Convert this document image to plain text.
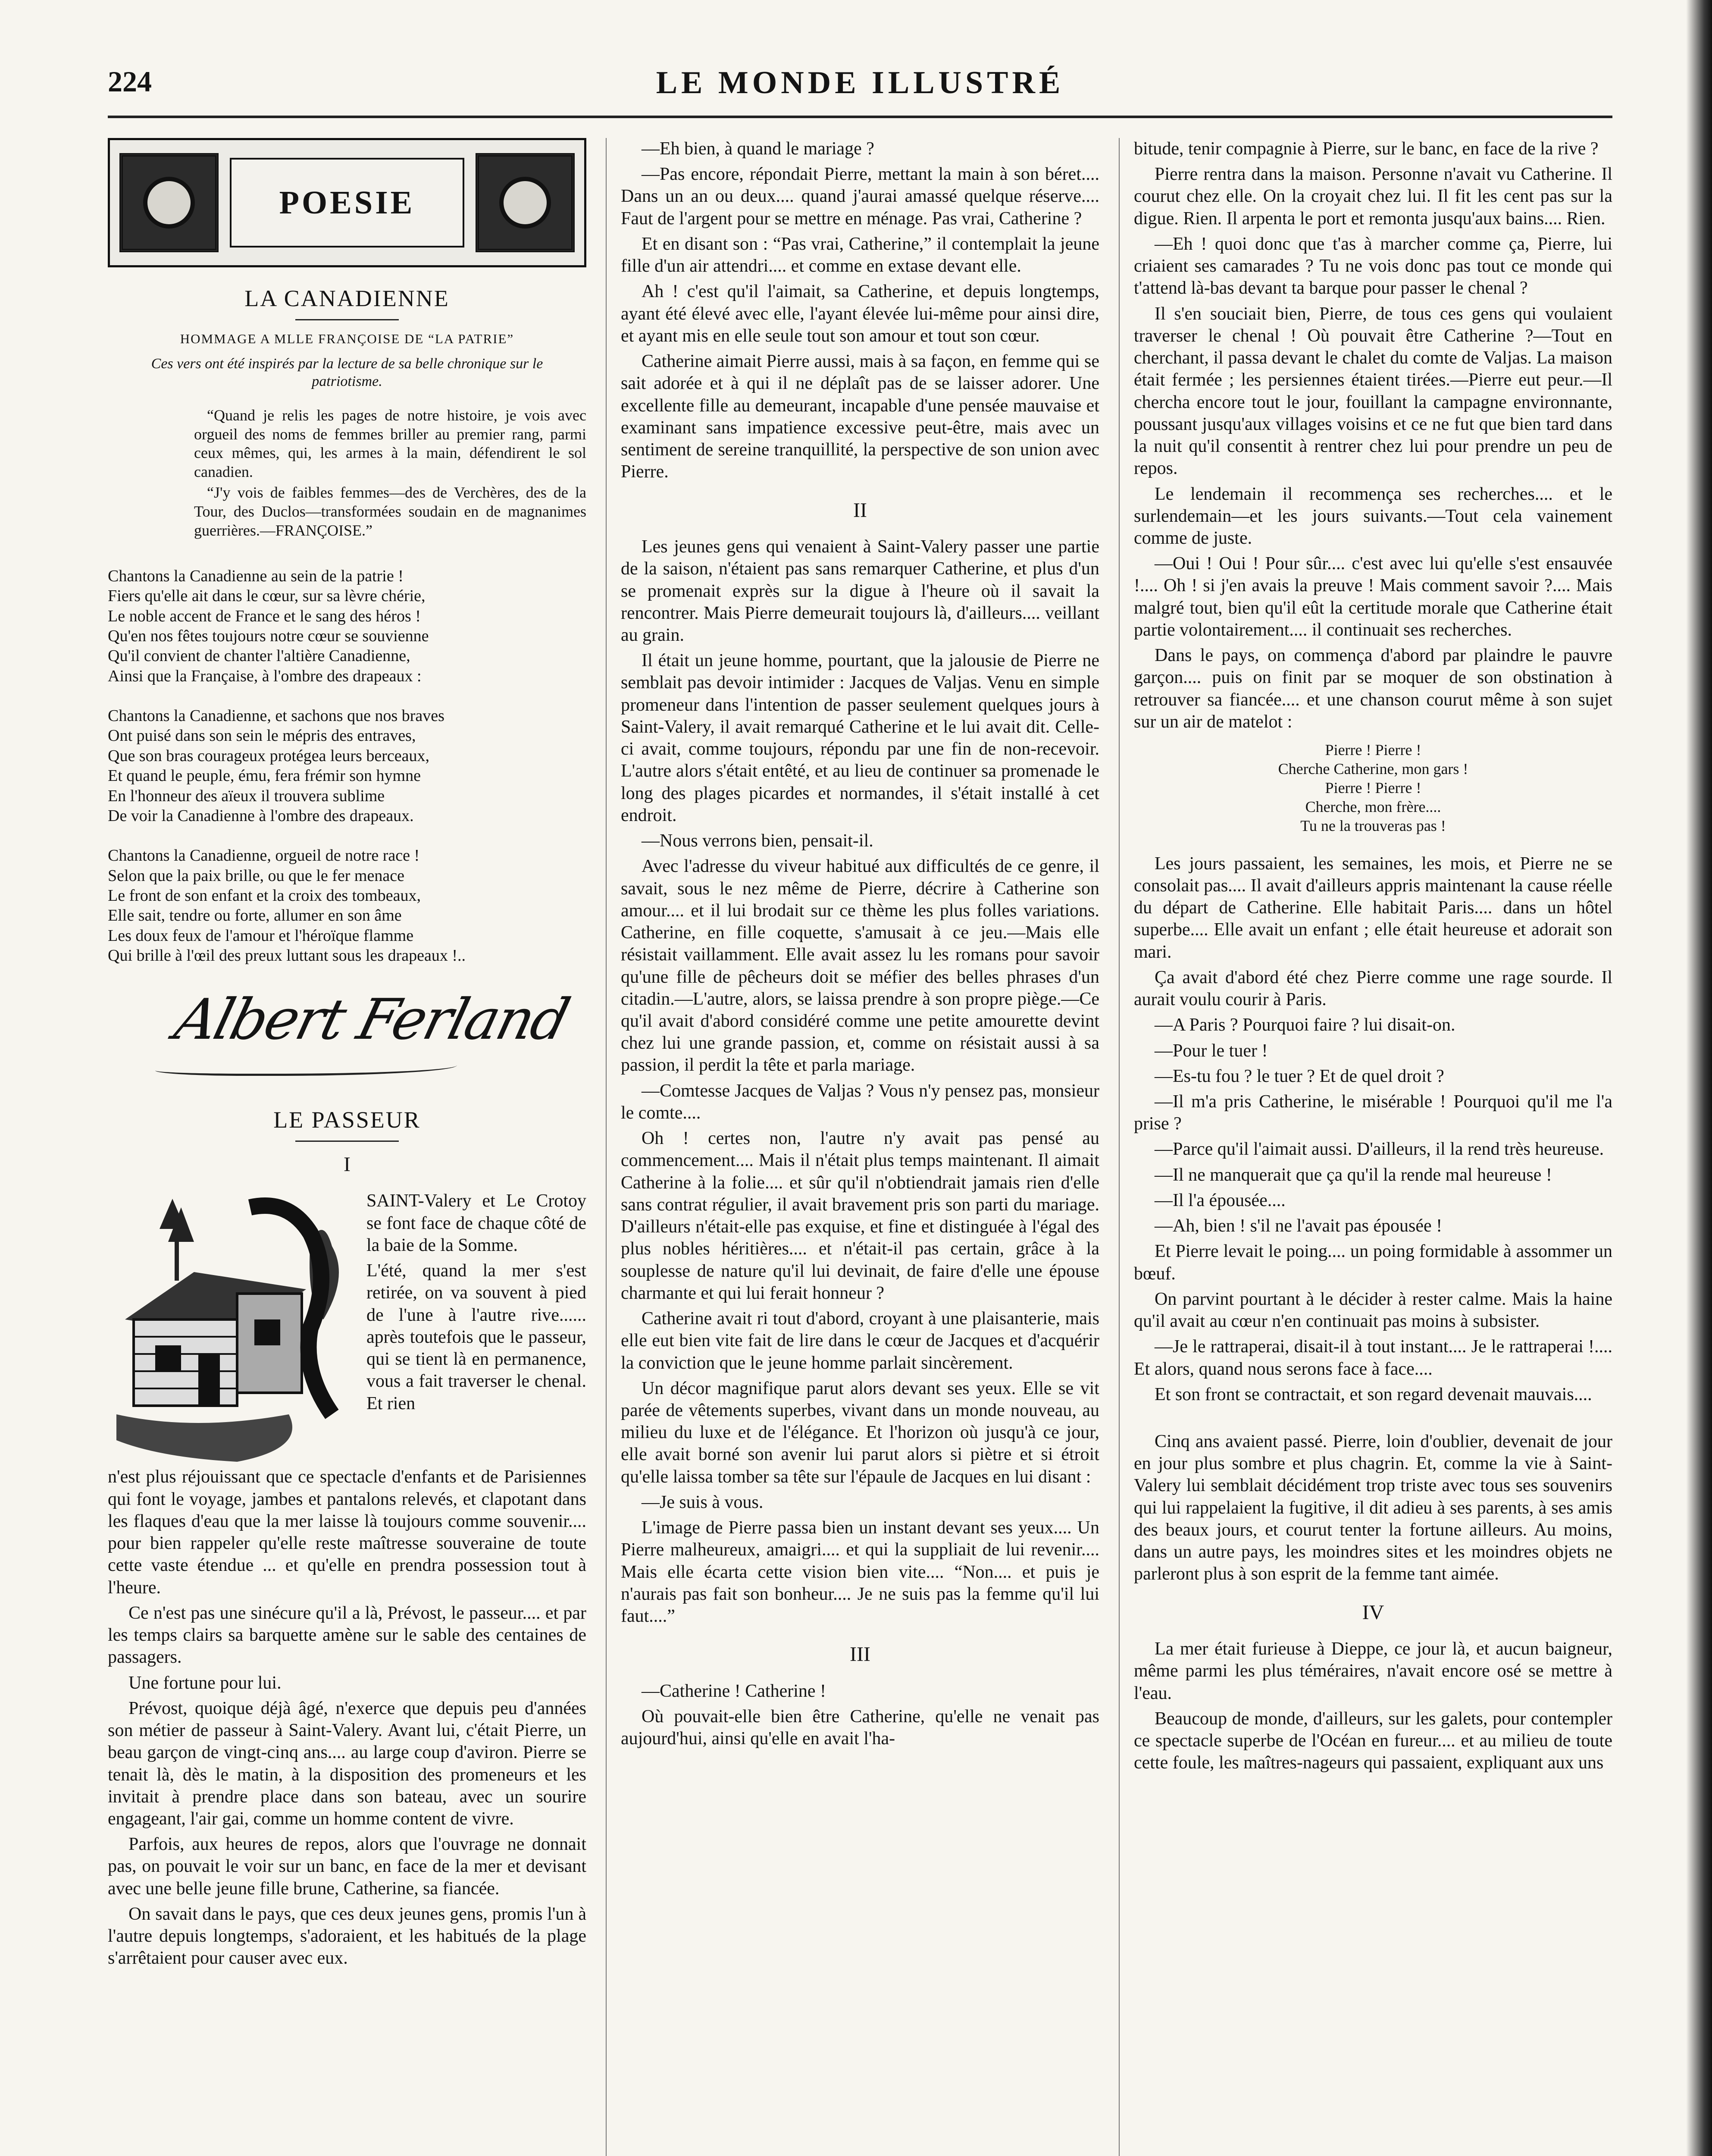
224	LE MONDE ILLUSTRÉ
POESIE
LA CANADIENNE
HOMMAGE A MLLE FRANÇOISE DE “LA PATRIE”
Ces vers ont été inspirés par la lecture de sa belle chronique sur le patriotisme.

“Quand je relis les pages de notre histoire, je vois avec orgueil des noms de femmes briller au premier rang, parmi ceux mêmes, qui, les armes à la main, défendirent le sol canadien.

“J'y vois de faibles femmes—des de Verchères, des de la Tour, des Duclos—transformées soudain en de magnanimes guerrières.—FRANÇOISE.”

Chantons la Canadienne au sein de la patrie !
Fiers qu'elle ait dans le cœur, sur sa lèvre chérie,
Le noble accent de France et le sang des héros !
Qu'en nos fêtes toujours notre cœur se souvienne
Qu'il convient de chanter l'altière Canadienne,
Ainsi que la Française, à l'ombre des drapeaux :
Chantons la Canadienne, et sachons que nos braves
Ont puisé dans son sein le mépris des entraves,
Que son bras courageux protégea leurs berceaux,
Et quand le peuple, ému, fera frémir son hymne
En l'honneur des aïeux il trouvera sublime
De voir la Canadienne à l'ombre des drapeaux.
Chantons la Canadienne, orgueil de notre race !
Selon que la paix brille, ou que le fer menace
Le front de son enfant et la croix des tombeaux,
Elle sait, tendre ou forte, allumer en son âme
Les doux feux de l'amour et l'héroïque flamme
Qui brille à l'œil des preux luttant sous les drapeaux !..
Albert Ferland
LE PASSEUR
I

SAINT-Valery et Le Crotoy se font face de chaque côté de la baie de la Somme.

L'été, quand la mer s'est retirée, on va souvent à pied de l'une à l'autre rive...... après toutefois que le passeur, qui se tient là en permanence, vous a fait traverser le chenal. Et rien

n'est plus réjouissant que ce spectacle d'enfants et de Parisiennes qui font le voyage, jambes et pantalons relevés, et clapotant dans les flaques d'eau que la mer laisse là toujours comme souvenir.... pour bien rappeler qu'elle reste maîtresse souveraine de toute cette vaste étendue ... et qu'elle en prendra possession tout à l'heure.

Ce n'est pas une sinécure qu'il a là, Prévost, le passeur.... et par les temps clairs sa barquette amène sur le sable des centaines de passagers.

Une fortune pour lui.

Prévost, quoique déjà âgé, n'exerce que depuis peu d'années son métier de passeur à Saint-Valery. Avant lui, c'était Pierre, un beau garçon de vingt-cinq ans.... au large coup d'aviron. Pierre se tenait là, dès le matin, à la disposition des promeneurs et les invitait à prendre place dans son bateau, avec un sourire engageant, l'air gai, comme un homme content de vivre.

Parfois, aux heures de repos, alors que l'ouvrage ne donnait pas, on pouvait le voir sur un banc, en face de la mer et devisant avec une belle jeune fille brune, Catherine, sa fiancée.

On savait dans le pays, que ces deux jeunes gens, promis l'un à l'autre depuis longtemps, s'adoraient, et les habitués de la plage s'arrêtaient pour causer avec eux.

—Eh bien, à quand le mariage ?

—Pas encore, répondait Pierre, mettant la main à son béret.... Dans un an ou deux.... quand j'aurai amassé quelque réserve.... Faut de l'argent pour se mettre en ménage. Pas vrai, Catherine ?

Et en disant son : “Pas vrai, Catherine,” il contemplait la jeune fille d'un air attendri.... et comme en extase devant elle.

Ah ! c'est qu'il l'aimait, sa Catherine, et depuis longtemps, ayant été élevé avec elle, l'ayant élevée lui-même pour ainsi dire, et ayant mis en elle seule tout son amour et tout son cœur.

Catherine aimait Pierre aussi, mais à sa façon, en femme qui se sait adorée et à qui il ne déplaît pas de se laisser adorer. Une excellente fille au demeurant, incapable d'une pensée mauvaise et examinant sans impatience excessive peut-être, mais avec un sentiment de sereine tranquillité, la perspective de son union avec Pierre.

II

Les jeunes gens qui venaient à Saint-Valery passer une partie de la saison, n'étaient pas sans remarquer Catherine, et plus d'un se promenait exprès sur la digue à l'heure où il savait la rencontrer. Mais Pierre demeurait toujours là, d'ailleurs.... veillant au grain.

Il était un jeune homme, pourtant, que la jalousie de Pierre ne semblait pas devoir intimider : Jacques de Valjas. Venu en simple promeneur dans l'intention de passer seulement quelques jours à Saint-Valery, il avait remarqué Catherine et le lui avait dit. Celle-ci avait, comme toujours, répondu par une fin de non-recevoir. L'autre alors s'était entêté, et au lieu de continuer sa promenade le long des plages picardes et normandes, il s'était installé à cet endroit.

—Nous verrons bien, pensait-il.

Avec l'adresse du viveur habitué aux difficultés de ce genre, il savait, sous le nez même de Pierre, décrire à Catherine son amour.... et il lui brodait sur ce thème les plus folles variations. Catherine, en fille coquette, s'amusait à ce jeu.—Mais elle résistait vaillamment. Elle avait assez lu les romans pour savoir qu'une fille de pêcheurs doit se méfier des belles phrases d'un citadin.—L'autre, alors, se laissa prendre à son propre piège.—Ce qu'il avait d'abord considéré comme une petite amourette devint chez lui une grande passion, et, comme on résistait aussi à sa passion, il perdit la tête et parla mariage.

—Comtesse Jacques de Valjas ? Vous n'y pensez pas, monsieur le comte....

Oh ! certes non, l'autre n'y avait pas pensé au commencement.... Mais il n'était plus temps maintenant. Il aimait Catherine à la folie.... et sûr qu'il n'obtiendrait jamais rien d'elle sans contrat régulier, il avait bravement pris son parti du mariage. D'ailleurs n'était-elle pas exquise, et fine et distinguée à l'égal des plus nobles héritières.... et n'était-il pas certain, grâce à la souplesse de nature qu'il lui devinait, de faire d'elle une épouse charmante et qui lui ferait honneur ?

Catherine avait ri tout d'abord, croyant à une plaisanterie, mais elle eut bien vite fait de lire dans le cœur de Jacques et d'acquérir la conviction que le jeune homme parlait sincèrement.

Un décor magnifique parut alors devant ses yeux. Elle se vit parée de vêtements superbes, vivant dans un monde nouveau, au milieu du luxe et de l'élégance. Et l'horizon où jusqu'à ce jour, elle avait borné son avenir lui parut alors si piètre et si étroit qu'elle laissa tomber sa tête sur l'épaule de Jacques en lui disant :

—Je suis à vous.

L'image de Pierre passa bien un instant devant ses yeux.... Un Pierre malheureux, amaigri.... et qui la suppliait de lui revenir.... Mais elle écarta cette vision bien vite.... “Non.... et puis je n'aurais pas fait son bonheur.... Je ne suis pas la femme qu'il lui faut....”

III

—Catherine ! Catherine !

Où pouvait-elle bien être Catherine, qu'elle ne venait pas aujourd'hui, ainsi qu'elle en avait l'ha-

bitude, tenir compagnie à Pierre, sur le banc, en face de la rive ?

Pierre rentra dans la maison. Personne n'avait vu Catherine. Il courut chez elle. On la croyait chez lui. Il fit les cent pas sur la digue. Rien. Il arpenta le port et remonta jusqu'aux bains.... Rien.

—Eh ! quoi donc que t'as à marcher comme ça, Pierre, lui criaient ses camarades ? Tu ne vois donc pas tout ce monde qui t'attend là-bas devant ta barque pour passer le chenal ?

Il s'en souciait bien, Pierre, de tous ces gens qui voulaient traverser le chenal ! Où pouvait être Catherine ?—Tout en cherchant, il passa devant le chalet du comte de Valjas. La maison était fermée ; les persiennes étaient tirées.—Pierre eut peur.—Il chercha encore tout le jour, fouillant la campagne environnante, poussant jusqu'aux villages voisins et ce ne fut que bien tard dans la nuit qu'il consentit à rentrer chez lui pour prendre un peu de repos.

Le lendemain il recommença ses recherches.... et le surlendemain—et les jours suivants.—Tout cela vainement comme de juste.

—Oui ! Oui ! Pour sûr.... c'est avec lui qu'elle s'est ensauvée !.... Oh ! si j'en avais la preuve ! Mais comment savoir ?.... Mais malgré tout, bien qu'il eût la certitude morale que Catherine était partie volontairement.... il continuait ses recherches.

Dans le pays, on commença d'abord par plaindre le pauvre garçon.... puis on finit par se moquer de son obstination à retrouver sa fiancée.... et une chanson courut même à son sujet sur un air de matelot :

Pierre ! Pierre !
Cherche Catherine, mon gars !
Pierre ! Pierre !
Cherche, mon frère....
Tu ne la trouveras pas !

Les jours passaient, les semaines, les mois, et Pierre ne se consolait pas.... Il avait d'ailleurs appris maintenant la cause réelle du départ de Catherine. Elle habitait Paris.... dans un hôtel superbe.... Elle avait un enfant ; elle était heureuse et adorait son mari.

Ça avait d'abord été chez Pierre comme une rage sourde. Il aurait voulu courir à Paris.

—A Paris ? Pourquoi faire ? lui disait-on.

—Pour le tuer !

—Es-tu fou ? le tuer ? Et de quel droit ?

—Il m'a pris Catherine, le misérable ! Pourquoi qu'il me l'a prise ?

—Parce qu'il l'aimait aussi. D'ailleurs, il la rend très heureuse.

—Il ne manquerait que ça qu'il la rende mal heureuse !

—Il l'a épousée....

—Ah, bien ! s'il ne l'avait pas épousée !

Et Pierre levait le poing.... un poing formidable à assommer un bœuf.

On parvint pourtant à le décider à rester calme. Mais la haine qu'il avait au cœur n'en continuait pas moins à subsister.

—Je le rattraperai, disait-il à tout instant.... Je le rattraperai !.... Et alors, quand nous serons face à face....

Et son front se contractait, et son regard devenait mauvais....

Cinq ans avaient passé. Pierre, loin d'oublier, devenait de jour en jour plus sombre et plus chagrin. Et, comme la vie à Saint-Valery lui semblait décidément trop triste avec tous ses souvenirs qui lui rappelaient la fugitive, il dit adieu à ses parents, à ses amis des beaux jours, et courut tenter la fortune ailleurs. Au moins, dans un autre pays, les moindres sites et les moindres objets ne parleront plus à son esprit de la femme tant aimée.

IV

La mer était furieuse à Dieppe, ce jour là, et aucun baigneur, même parmi les plus téméraires, n'avait encore osé se mettre à l'eau.

Beaucoup de monde, d'ailleurs, sur les galets, pour contempler ce spectacle superbe de l'Océan en fureur.... et au milieu de toute cette foule, les maîtres-nageurs qui passaient, expliquant aux uns
